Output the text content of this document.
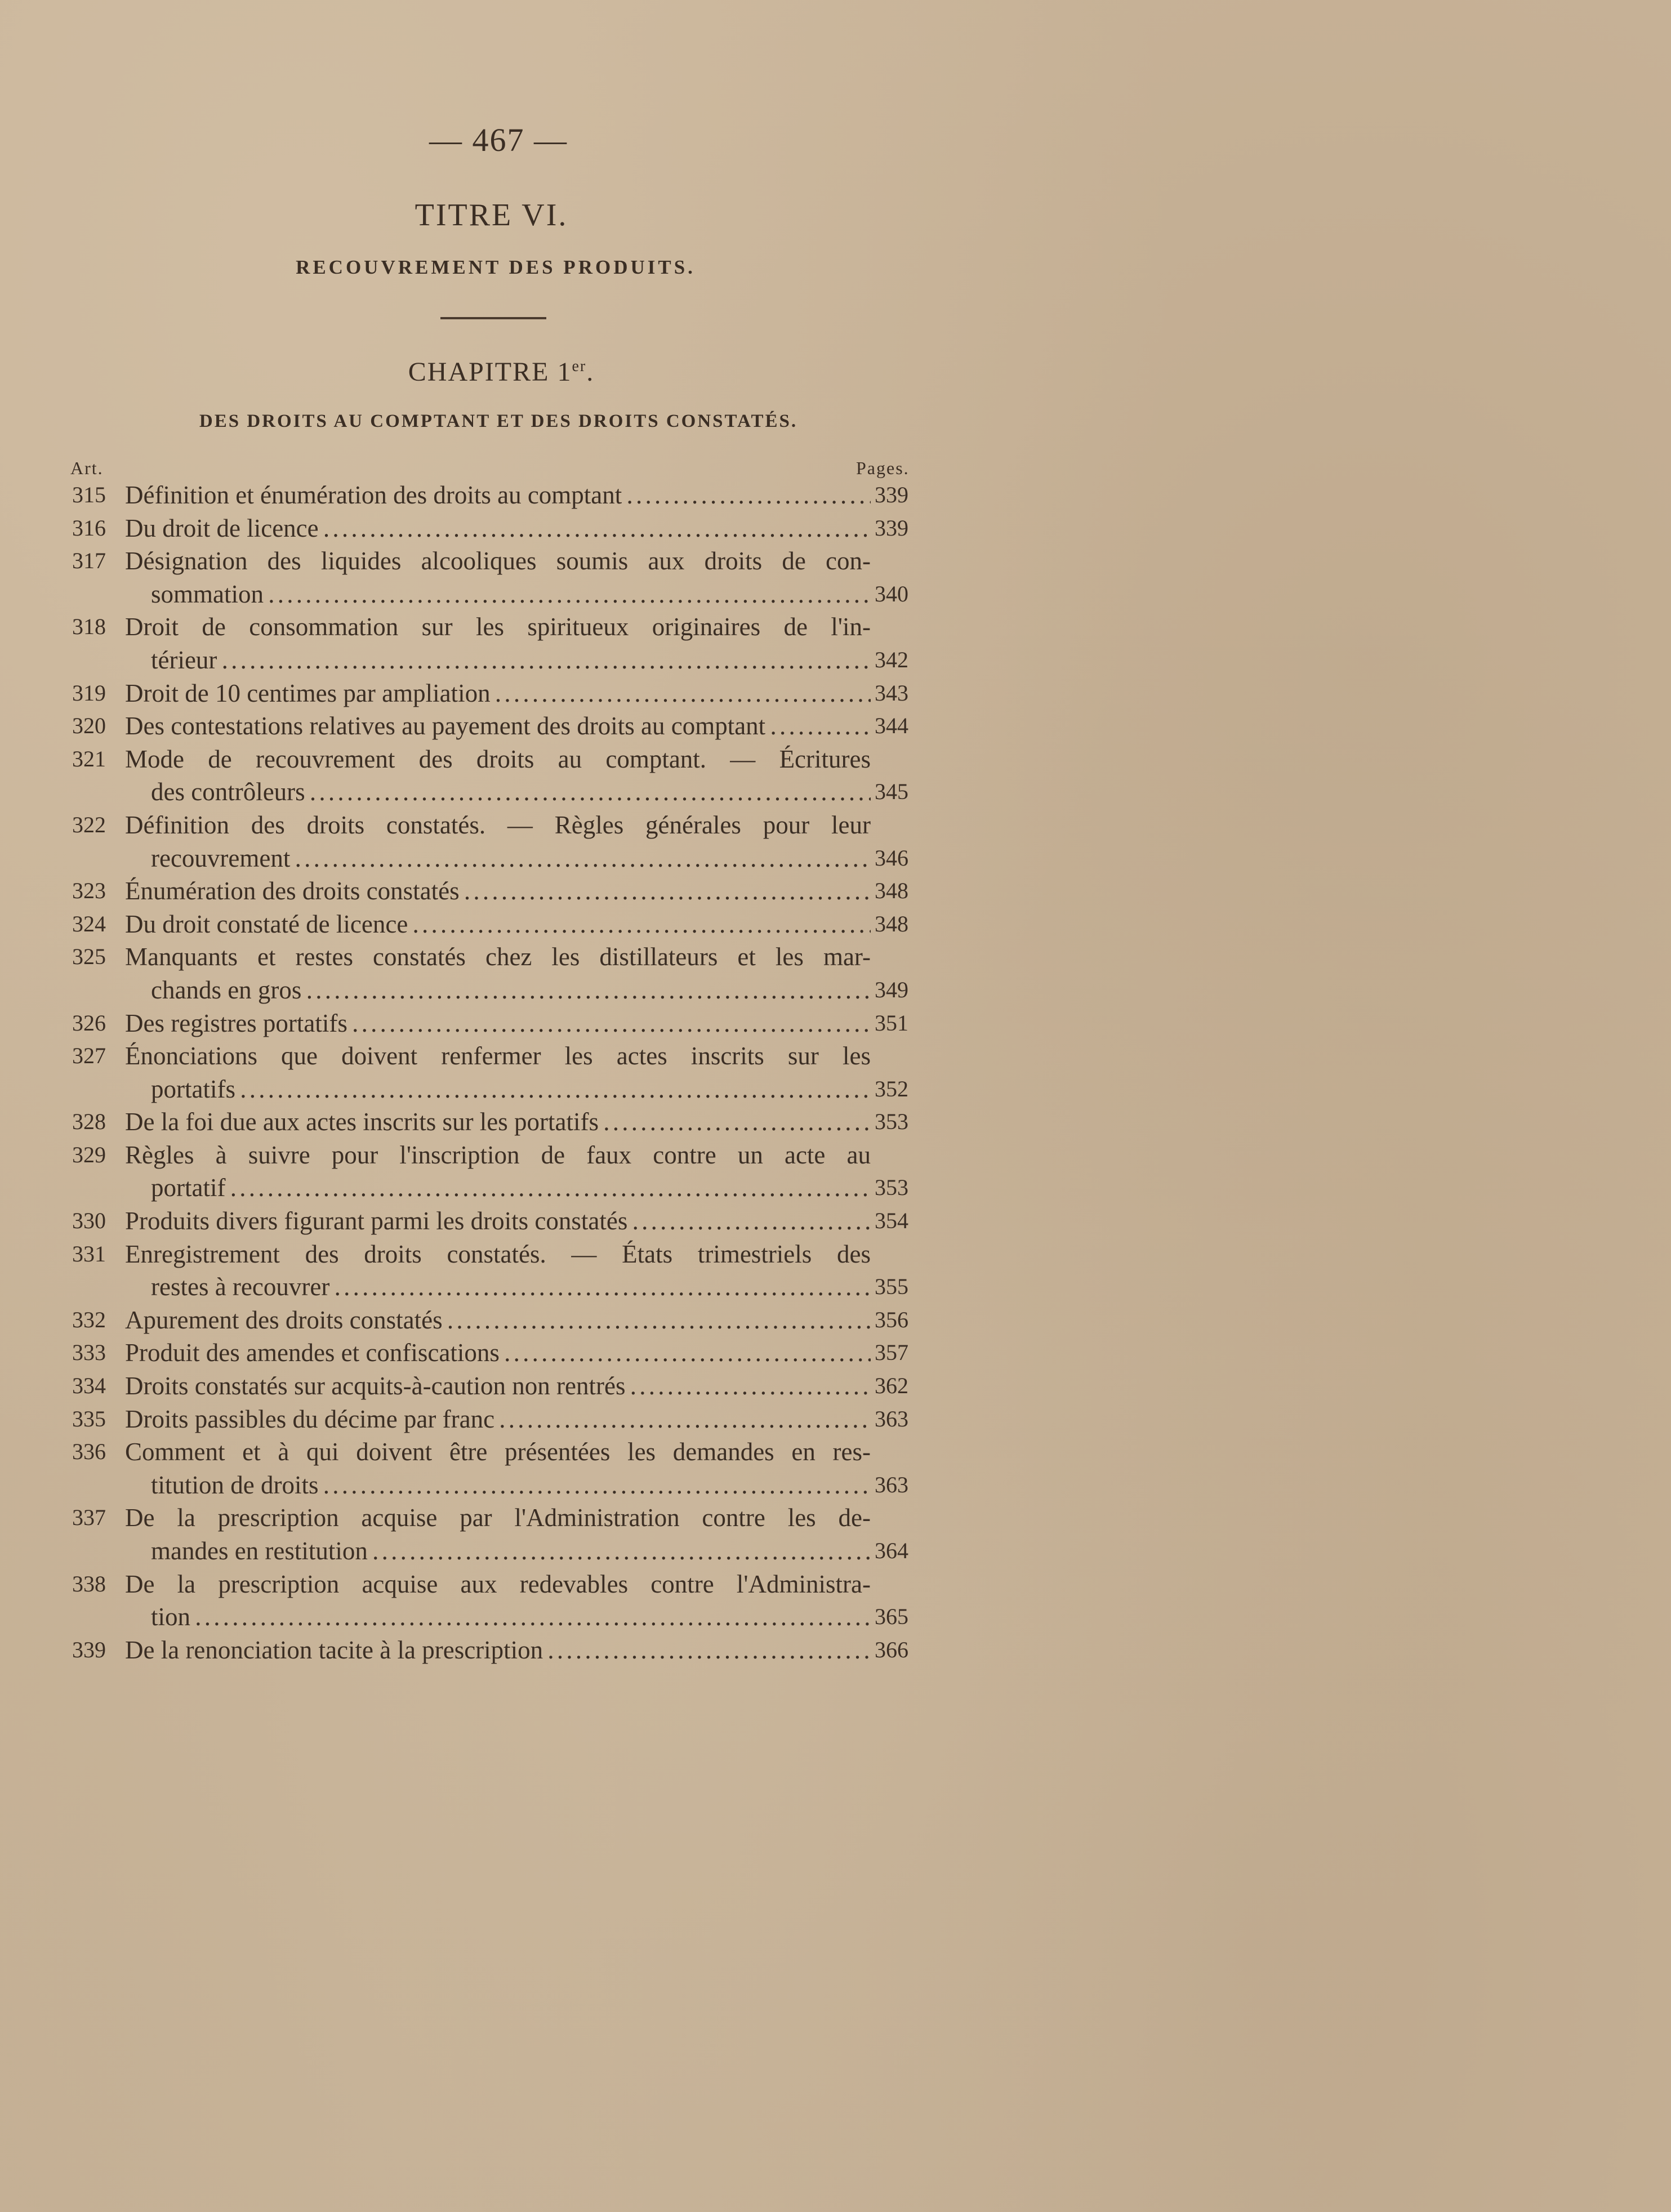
— 467 —
TITRE VI.
RECOUVREMENT DES PRODUITS.
CHAPITRE 1er.
DES DROITS AU COMPTANT ET DES DROITS CONSTATÉS.
Art.	Pages.
315 Définition et énumération des droits au comptant . . .	339
316 Du droit de licence . . .	339
317 Désignation des liquides alcooliques soumis aux droits de con-
sommation . . .	340
318 Droit de consommation sur les spiritueux originaires de l'in-
térieur . . .	342
319 Droit de 10 centimes par ampliation . . .	343
320 Des contestations relatives au payement des droits au comptant . . .	344
321 Mode de recouvrement des droits au comptant. — Écritures
des contrôleurs . . .	345
322 Définition des droits constatés. — Règles générales pour leur
recouvrement . . .	346
323 Énumération des droits constatés . . .	348
324 Du droit constaté de licence . . .	348
325 Manquants et restes constatés chez les distillateurs et les mar-
chands en gros . . .	349
326 Des registres portatifs . . .	351
327 Énonciations que doivent renfermer les actes inscrits sur les
portatifs . . .	352
328 De la foi due aux actes inscrits sur les portatifs . . .	353
329 Règles à suivre pour l'inscription de faux contre un acte au
portatif . . .	353
330 Produits divers figurant parmi les droits constatés . . .	354
331 Enregistrement des droits constatés. — États trimestriels des
restes à recouvrer . . .	355
332 Apurement des droits constatés . . .	356
333 Produit des amendes et confiscations . . .	357
334 Droits constatés sur acquits-à-caution non rentrés . . .	362
335 Droits passibles du décime par franc . . .	363
336 Comment et à qui doivent être présentées les demandes en res-
titution de droits . . .	363
337 De la prescription acquise par l'Administration contre les de-
mandes en restitution . . .	364
338 De la prescription acquise aux redevables contre l'Administra-
tion . . .	365
339 De la renonciation tacite à la prescription . . .	366
